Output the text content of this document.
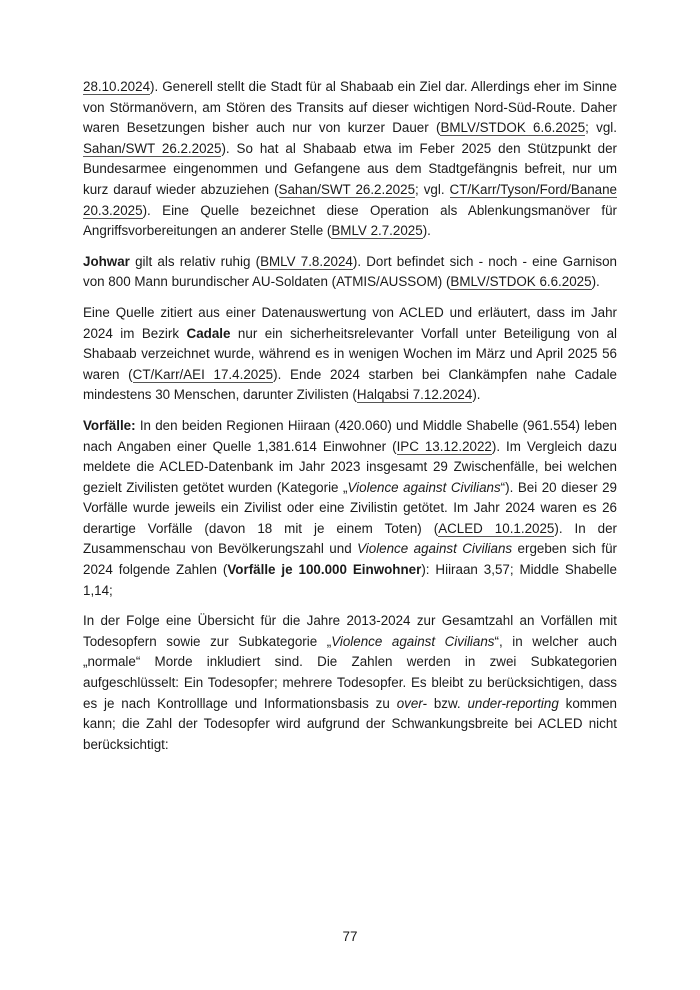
28.10.2024). Generell stellt die Stadt für al Shabaab ein Ziel dar. Allerdings eher im Sinne von Störmanövern, am Stören des Transits auf dieser wichtigen Nord-Süd-Route. Daher waren Besetzungen bisher auch nur von kurzer Dauer (BMLV/STDOK 6.6.2025; vgl. Sahan/SWT 26.2.2025). So hat al Shabaab etwa im Feber 2025 den Stützpunkt der Bundesarmee eingenommen und Gefangene aus dem Stadtgefängnis befreit, nur um kurz darauf wieder abzuziehen (Sahan/SWT 26.2.2025; vgl. CT/Karr/Tyson/Ford/Banane 20.3.2025). Eine Quelle bezeichnet diese Operation als Ablenkungsmanöver für Angriffsvorbereitungen an anderer Stelle (BMLV 2.7.2025).

Johwar gilt als relativ ruhig (BMLV 7.8.2024). Dort befindet sich - noch - eine Garnison von 800 Mann burundischer AU-Soldaten (ATMIS/AUSSOM) (BMLV/STDOK 6.6.2025).

Eine Quelle zitiert aus einer Datenauswertung von ACLED und erläutert, dass im Jahr 2024 im Bezirk Cadale nur ein sicherheitsrelevanter Vorfall unter Beteiligung von al Shabaab verzeichnet wurde, während es in wenigen Wochen im März und April 2025 56 waren (CT/Karr/AEI 17.4.2025). Ende 2024 starben bei Clankämpfen nahe Cadale mindestens 30 Menschen, darunter Zivilisten (Halqabsi 7.12.2024).

Vorfälle: In den beiden Regionen Hiiraan (420.060) und Middle Shabelle (961.554) leben nach Angaben einer Quelle 1,381.614 Einwohner (IPC 13.12.2022). Im Vergleich dazu meldete die ACLED-Datenbank im Jahr 2023 insgesamt 29 Zwischenfälle, bei welchen gezielt Zivilisten getötet wurden (Kategorie „Violence against Civilians“). Bei 20 dieser 29 Vorfälle wurde jeweils ein Zivilist oder eine Zivilistin getötet. Im Jahr 2024 waren es 26 derartige Vorfälle (davon 18 mit je einem Toten) (ACLED 10.1.2025). In der Zusammenschau von Bevölkerungszahl und Violence against Civilians ergeben sich für 2024 folgende Zahlen (Vorfälle je 100.000 Einwohner): Hiiraan 3,57; Middle Shabelle 1,14;

In der Folge eine Übersicht für die Jahre 2013-2024 zur Gesamtzahl an Vorfällen mit Todesopfern sowie zur Subkategorie „Violence against Civilians“, in welcher auch „normale“ Morde inkludiert sind. Die Zahlen werden in zwei Subkategorien aufgeschlüsselt: Ein Todesopfer; mehrere Todesopfer. Es bleibt zu berücksichtigen, dass es je nach Kontrolllage und Informationsbasis zu over- bzw. under-reporting kommen kann; die Zahl der Todesopfer wird aufgrund der Schwankungsbreite bei ACLED nicht berücksichtigt:

77
